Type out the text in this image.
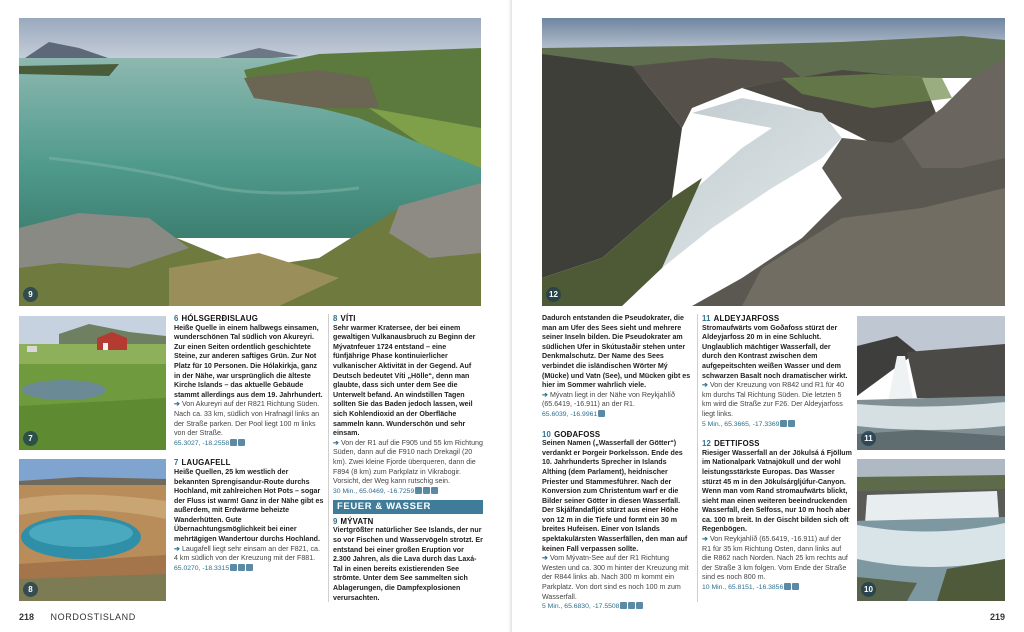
9
7
8

6 HÓLSGERÐISLAUG

Heiße Quelle in einem halbwegs einsamen, wunderschönen Tal südlich von Akureyri. Zur einen Seiten ordentlich geschichtete Steine, zur anderen saftiges Grün. Zur Not Platz für 10 Personen. Die Hólakirkja, ganz in der Nähe, war ursprünglich die älteste Kirche Islands – das aktuelle Gebäude stammt allerdings aus dem 19. Jahrhundert.

➔ Von Akureyri auf der R821 Richtung Süden. Nach ca. 33 km, südlich von Hrafnagil links an der Straße parken. Der Pool liegt 100 m links von der Straße.
65.3027, -18.2558

7 LAUGAFELL

Heiße Quellen, 25 km westlich der bekannten Sprengisandur-Route durchs Hochland, mit zahlreichen Hot Pots – sogar der Fluss ist warm! Ganz in der Nähe gibt es außerdem, mit Erdwärme beheizte Wanderhütten. Gute Übernachtungsmöglichkeit bei einer mehrtägigen Wandertour durchs Hochland.

➔ Laugafell liegt sehr einsam an der F821, ca. 4 km südlich von der Kreuzung mit der F881.
65.0270, -18.3315

8 VÍTI

Sehr warmer Kratersee, der bei einem gewaltigen Vulkanausbruch zu Beginn der Mývatnfeuer 1724 entstand – eine fünfjährige Phase kontinuierlicher vulkanischer Aktivität in der Gegend. Auf Deutsch bedeutet Víti „Hölle“, denn man glaubte, dass sich unter dem See die Unterwelt befand. An windstillen Tagen sollten Sie das Baden jedoch lassen, weil sich Kohlendioxid an der Oberfläche sammeln kann. Wunderschön und sehr einsam.

➔ Von der R1 auf die F905 und 55 km Richtung Süden, dann auf die F910 nach Drekagil (20 km). Zwei kleine Fjorde überqueren, dann die F894 (8 km) zum Parkplatz in Vikrabogir. Vorsicht, der Weg kann rutschig sein.
30 Min., 65.0469, -16.7259

FEUER & WASSER

9 MÝVATN

Viertgrößter natürlicher See Islands, der nur so vor Fischen und Wasservögeln strotzt. Er entstand bei einer großen Eruption vor 2.300 Jahren, als die Lava durch das Laxá-Tal in einen bereits existierenden See strömte. Unter dem See sammelten sich Ablagerungen, die Dampfexplosionen verursachten.

218 NORDOSTISLAND
12
11
10

Dadurch entstanden die Pseudokrater, die man am Ufer des Sees sieht und mehrere seiner Inseln bilden. Die Pseudokrater am südlichen Ufer in Skútustaðir stehen unter Denkmalschutz. Der Name des Sees verbindet die isländischen Wörter Mý (Mücke) und Vatn (See), und Mücken gibt es hier im Sommer wahrlich viele.

➔ Mývatn liegt in der Nähe von Reykjahlíð (65.6419, -16.911) an der R1.
65.6039, -16.9961

10 GOÐAFOSS

Seinen Namen („Wasserfall der Götter“) verdankt er Þorgeir Þorkelsson. Ende des 10. Jahrhunderts Sprecher in Islands Althing (dem Parlament), heidnischer Priester und Stammesführer. Nach der Konversion zum Christentum warf er die Bilder seiner Götter in diesen Wasserfall. Der Skjálfandafljót stürzt aus einer Höhe von 12 m in die Tiefe und formt ein 30 m breites Hufeisen. Einer von Islands spektakulärsten Wasserfällen, den man auf keinen Fall verpassen sollte.

➔ Vom Mývatn-See auf der R1 Richtung Westen und ca. 300 m hinter der Kreuzung mit der R844 links ab. Nach 300 m kommt ein Parkplatz. Von dort sind es noch 100 m zum Wasserfall.
5 Min., 65.6830, -17.5508

11 ALDEYJARFOSS

Stromaufwärts vom Goðafoss stürzt der Aldeyjarfoss 20 m in eine Schlucht. Unglaublich mächtiger Wasserfall, der durch den Kontrast zwischen dem aufgepeitschten weißen Wasser und dem schwarzen Basalt noch dramatischer wirkt.

➔ Von der Kreuzung von R842 und R1 für 40 km durchs Tal Richtung Süden. Die letzten 5 km wird die Straße zur F26. Der Aldeyjarfoss liegt links.
5 Min., 65.3665, -17.3369

12 DETTIFOSS

Riesiger Wasserfall an der Jökulsá á Fjöllum im Nationalpark Vatnajökull und der wohl leistungsstärkste Europas. Das Wasser stürzt 45 m in den Jökulsárgljúfur-Canyon. Wenn man vom Rand stromaufwärts blickt, sieht man einen weiteren beeindruckenden Wasserfall, den Selfoss, nur 10 m hoch aber ca. 100 m breit. In der Gischt bilden sich oft Regenbögen.

➔ Von Reykjahlíð (65.6419, -16.911) auf der R1 für 35 km Richtung Osten, dann links auf die R862 nach Norden. Nach 25 km rechts auf der Straße 3 km folgen. Vom Ende der Straße sind es noch 800 m.
10 Min., 65.8151, -16.3856

219
